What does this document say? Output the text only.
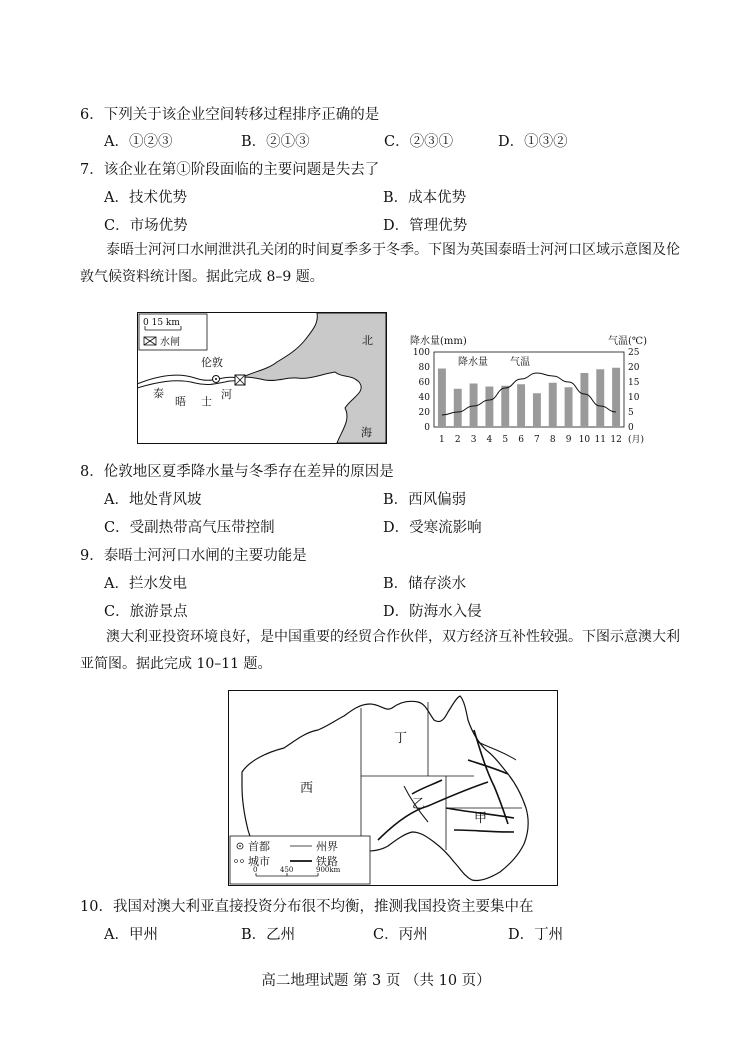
6．下列关于该企业空间转移过程排序正确的是
A．①②③	B．②①③	C．②③①	D．①③②
7．该企业在第①阶段面临的主要问题是失去了
A．技术优势	B．成本优势
C．市场优势	D．管理优势
泰晤士河河口水闸泄洪孔关闭的时间夏季多于冬季。下图为英国泰晤士河河口区域示意图及伦敦气候资料统计图。据此完成 8–9 题。
0 15 km
水闸	北
海
伦敦
泰
晤 士
河
降水量(mm)	气温(℃)
降水量 气温
100
80
60
40
20
0
25
20
15
10
5
0
1 2 3 4 5 6 7 8 9 10 11 12 (月)
8．伦敦地区夏季降水量与冬季存在差异的原因是
A．地处背风坡	B．西风偏弱
C．受副热带高气压带控制	D．受寒流影响
9．泰晤士河河口水闸的主要功能是
A．拦水发电	B．储存淡水
C．旅游景点	D．防海水入侵
澳大利亚投资环境良好，是中国重要的经贸合作伙伴，双方经济互补性较强。下图示意澳大利亚简图。据此完成 10–11 题。
丁
西
乙
甲
首都	州界
城市	铁路
0	450	900km
10．我国对澳大利亚直接投资分布很不均衡，推测我国投资主要集中在
A．甲州	B．乙州	C．丙州	D．丁州
高二地理试题 第 3 页 （共 10 页）
